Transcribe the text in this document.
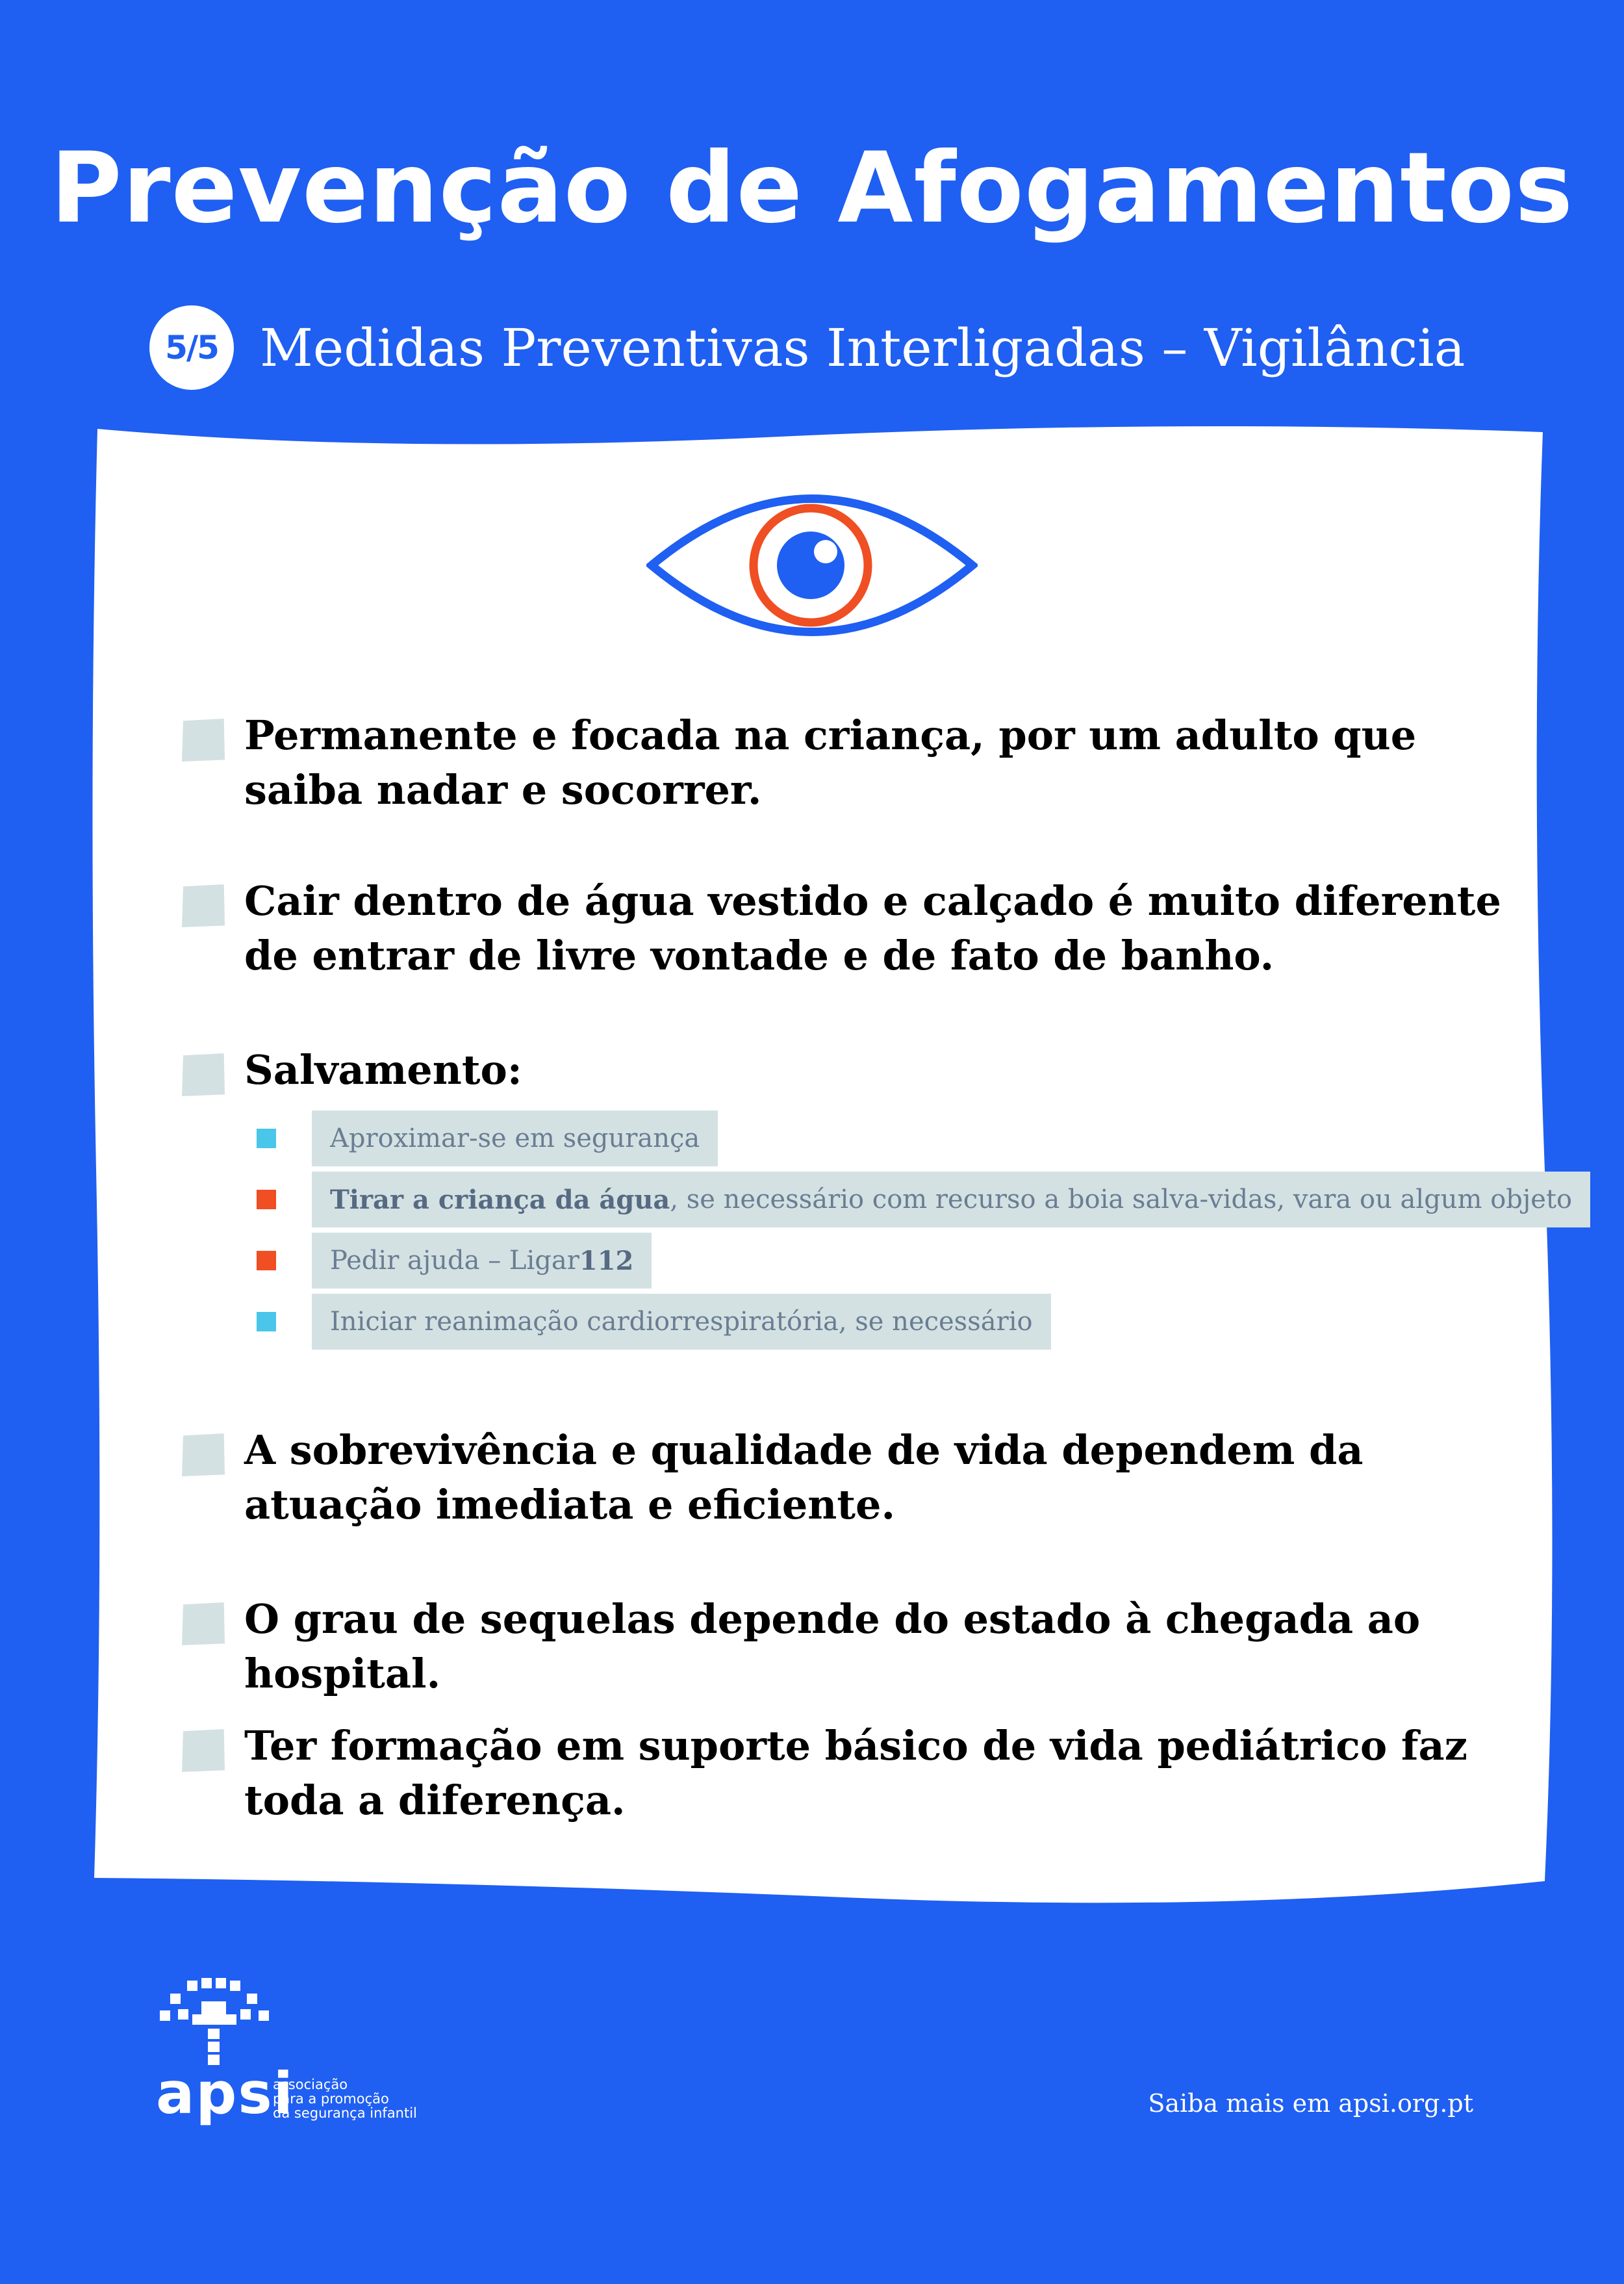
Prevenção de Afogamentos
5/5 Medidas Preventivas Interligadas – Vigilância
Permanente e focada na criança, por um adulto que saiba nadar e socorrer.
Cair dentro de água vestido e calçado é muito diferente de entrar de livre vontade e de fato de banho.
Salvamento:
Aproximar-se em segurança
Tirar a criança da água , se necessário com recurso a boia salva-vidas, vara ou algum objeto
Pedir ajuda – Ligar 112
Iniciar reanimação cardiorrespiratória, se necessário
A sobrevivência e qualidade de vida dependem da atuação imediata e eficiente.
O grau de sequelas depende do estado à chegada ao hospital.
Ter formação em suporte básico de vida pediátrico faz toda a diferença.
apsi
associação
para a promoção
da segurança infantil	Saiba mais em apsi.org.pt
